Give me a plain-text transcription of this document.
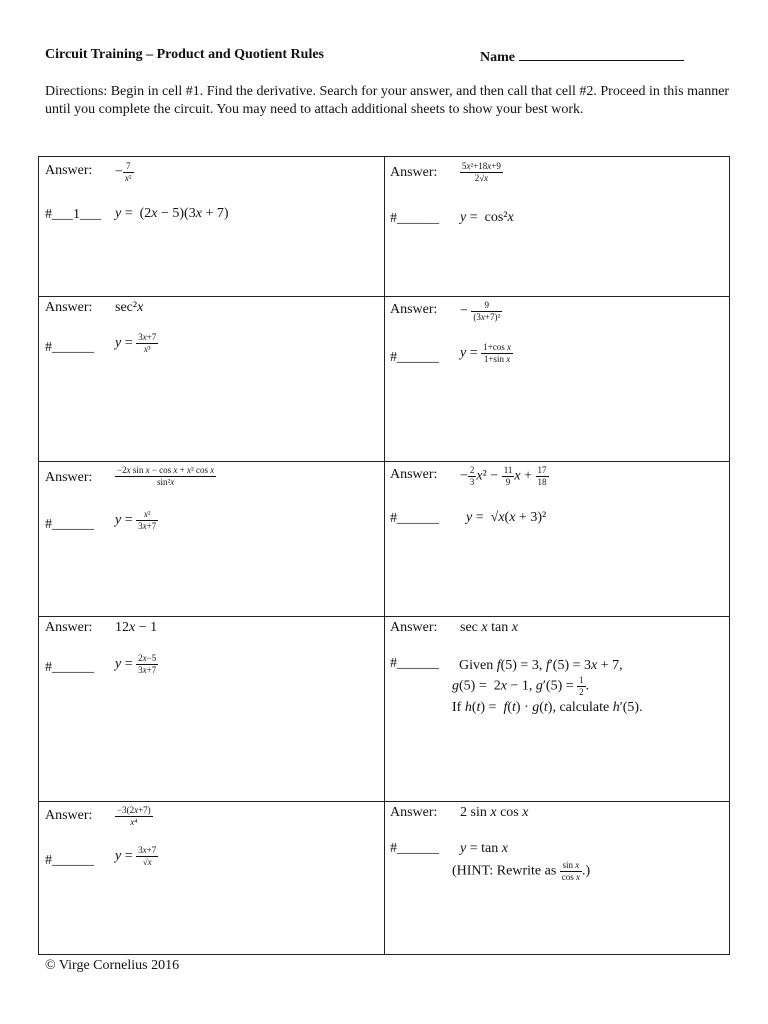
Circuit Training – Product and Quotient Rules	Name
Directions: Begin in cell #1. Find the derivative. Search for your answer, and then call that cell #2. Proceed in this manner until you complete the circuit. You may need to attach additional sheets to show your best work.
Answer: − $\frac{7}{\text{x²}}$
#___1___ y =  (2x − 5)(3x + 7)
Answer:	$\frac{\text{5x²+18x+9}}{2√x}$
#______ y =  cos²x
Answer: sec²x
#______ $y = \frac{3x+7}{\text{x³}}$
Answer: − $\frac{9}{\text{(3x+7)²}}$
#______ $y = \frac{\text{1+cos x}}{\text{1+sin x}}$
Answer:	$\frac{\text{−2x sin x − cos x + x² cos x}}{\text{sin²x}}$
#______ $y = \frac{\text{x²}}{3x+7}$
Answer: − $\frac{2}{3} x^2 - \frac{11}{9}$ $x + \frac{17}{18}$
#______ y =  √x(x + 3)²
Answer: 12x − 1
#______ $y = \frac{2x-5}{3x+7}$
Answer: sec x tan x
#______ Given f(5) = 3, f′(5) = 3x + 7,
g(5) =  2x − 1, $g'(5) = \frac{1}{2}$ .
If h(t) =  f(t) · g(t), calculate h′(5).
Answer:	$\frac{-3(2x+7)}{\text{x⁴}}$
#______ $y = \frac{3x+7}{√x}$
Answer: 2 sin x cos x
#______ y = tan x
(HINT: Rewrite as $\frac{\text{sin x}}{\text{cos x}}$ .)
© Virge Cornelius 2016
